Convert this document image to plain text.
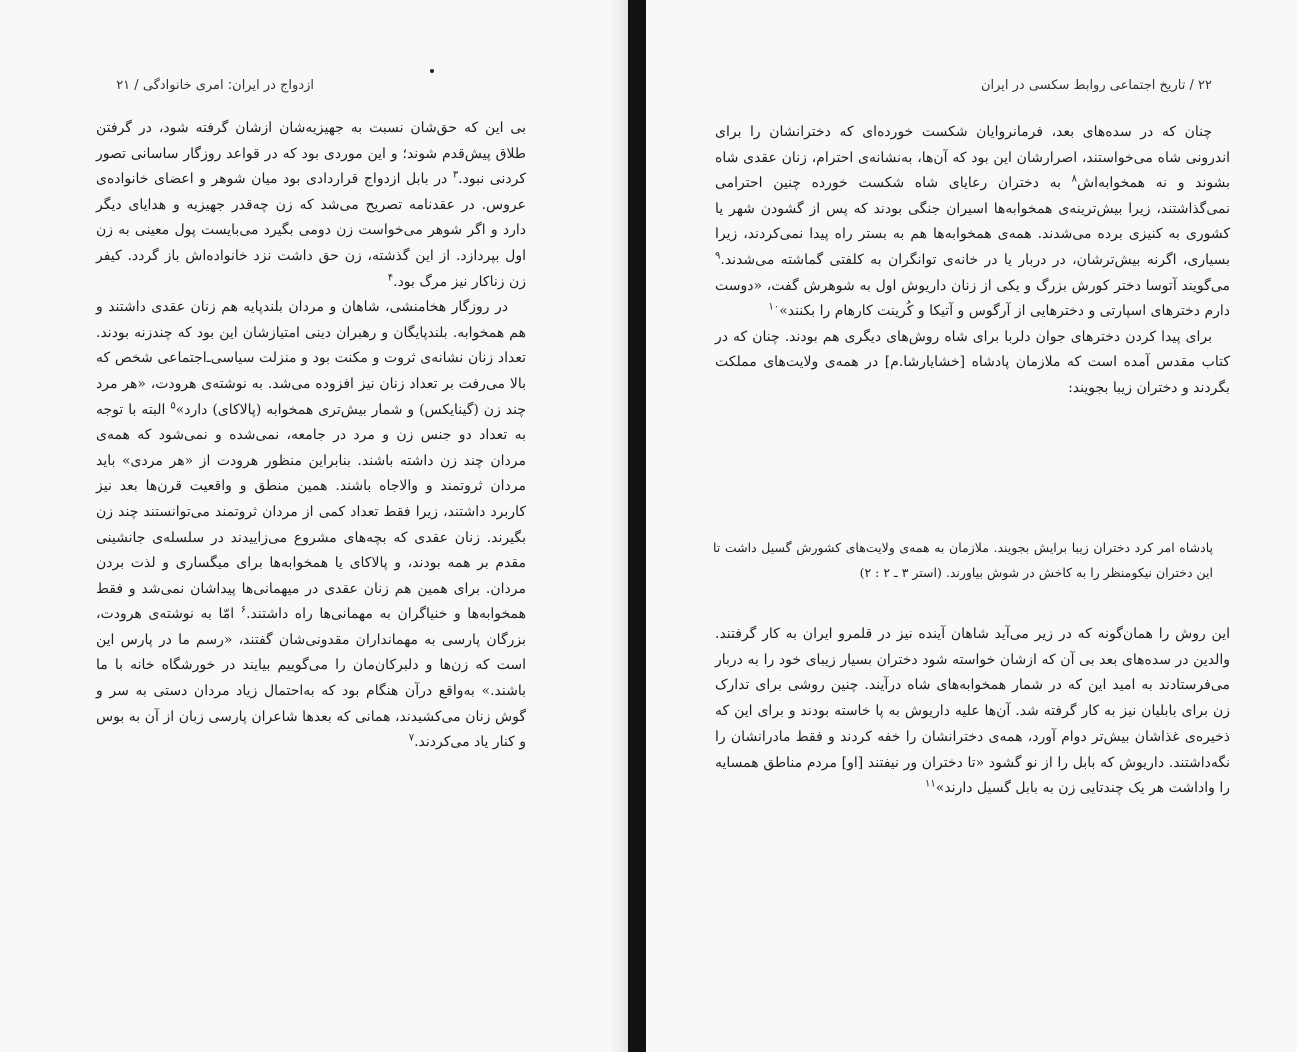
ازدواج در ایران: امری خانوادگی / ۲۱

بی این که حق‌شان نسبت به جهیزیه‌شان ازشان گرفته شود، در گرفتن طلاق پیش‌قدم شوند؛ و این موردی بود که در قواعد روزگار ساسانی تصور کردنی نبود.$^۳$ در بابل ازدواج قراردادی بود میان شوهر و اعضای خانواده‌ی عروس. در عقدنامه تصریح می‌شد که زن چه‌قدر جهیزیه و هدایای دیگر دارد و اگر شوهر می‌خواست زن دومی بگیرد می‌بایست پول معینی به زن اول بپردازد. از این گذشته، زن حق داشت نزد خانواده‌اش باز گردد. کیفر زن زناکار نیز مرگ بود.$^۴$

در روزگار هخامنشی، شاهان و مردان بلندپایه هم زنان عقدی داشتند و هم همخوابه. بلندپایگان و رهبران دینی امتیازشان این بود که چندزنه بودند. تعداد زنان نشانه‌ی ثروت و مکنت بود و منزلت سیاسی‌ـ‌اجتماعی شخص که بالا می‌رفت بر تعداد زنان نیز افزوده می‌شد. به نوشته‌ی هرودت، «هر مرد چند زن (گینایکس) و شمار بیش‌تری همخوابه (پالاکای) دارد»$^۵$ البته با توجه به تعداد دو جنس زن و مرد در جامعه، نمی‌شده و نمی‌شود که همه‌ی مردان چند زن داشته باشند. بنابراین منظور هرودت از «هر مردی» باید مردان ثروتمند و والاجاه باشند. همین منطق و واقعیت قرن‌ها بعد نیز کاربرد داشتند، زیرا فقط تعداد کمی از مردان ثروتمند می‌توانستند چند زن بگیرند. زنان عقدی که بچه‌های مشروع می‌زاییدند در سلسله‌ی جانشینی مقدم بر همه بودند، و پالاکای یا همخوابه‌ها برای میگساری و لذت بردن مردان. برای همین هم زنان عقدی در میهمانی‌ها پیداشان نمی‌شد و فقط همخوابه‌ها و خنیاگران به مهمانی‌ها راه داشتند.$^۶$ امّا به نوشته‌ی هرودت، بزرگان پارسی به مهمانداران مقدونی‌شان گفتند، «رسم ما در پارس این است که زن‌ها و دلبرکان‌مان را می‌گوییم بیایند در خورشگاه خانه با ما باشند.» به‌واقع درآن هنگام بود که به‌احتمال زیاد مردان دستی به سر و گوش زنان می‌کشیدند، همانی که بعدها شاعران پارسی زبان از آن به بوس و کنار یاد می‌کردند.$^۷$

۲۲ / تاریخ اجتماعی روابط سکسی در ایران

چنان که در سده‌های بعد، فرمانروایان شکست خورده‌ای که دخترانشان را برای اندرونی شاه می‌خواستند، اصرارشان این بود که آن‌ها، به‌نشانه‌ی احترام، زنان عقدی شاه بشوند و نه همخوابه‌اش$^۸$ به دختران رعایای شاه شکست خورده چنین احترامی نمی‌گذاشتند، زیرا بیش‌ترینه‌ی همخوابه‌ها اسیران جنگی بودند که پس از گشودن شهر یا کشوری به کنیزی برده می‌شدند. همه‌ی همخوابه‌ها هم به بستر راه پیدا نمی‌کردند، زیرا بسیاری، اگرنه بیش‌ترشان، در دربار یا در خانه‌ی توانگران به کلفتی گماشته می‌شدند.$^۹$ می‌گویند آتوسا دختر کورش بزرگ و یکی از زنان داریوش اول به شوهرش گفت، «دوست دارم دخترهای اسپارتی و دخترهایی از آرگوس و آتیکا و کُرینت کارهام را بکنند»$^{۱۰}$

برای پیدا کردن دخترهای جوان دلربا برای شاه روش‌های دیگری هم بودند. چنان که در کتاب مقدس آمده است که ملازمان پادشاه [خشایارشا.م] در همه‌ی ولایت‌های مملکت بگردند و دختران زیبا بجویند:

پادشاه امر کرد دختران زیبا برایش بجویند. ملازمان به همه‌ی ولایت‌های کشورش گسیل داشت تا این دختران نیکومنظر را به کاخش در شوش بیاورند. (استر ۳ ـ ۲ : ۲)
این روش را همان‌گونه که در زیر می‌آید شاهان آینده نیز در قلمرو ایران به کار گرفتند. والدین در سده‌های بعد بی آن که ازشان خواسته شود دختران بسیار زیبای خود را به دربار می‌فرستادند به امید این که در شمار همخوابه‌های شاه درآیند. چنین روشی برای تدارک زن برای بابلیان نیز به کار گرفته شد. آن‌ها علیه داریوش به پا خاسته بودند و برای این که ذخیره‌ی غذاشان بیش‌تر دوام آورد، همه‌ی دخترانشان را خفه کردند و فقط مادرانشان را نگه‌داشتند. داریوش که بابل را از نو گشود «تا دختران ور نیفتند [او] مردم مناطق همسایه را واداشت هر یک چندتایی زن به بابل گسیل دارند»$^{۱۱}$
